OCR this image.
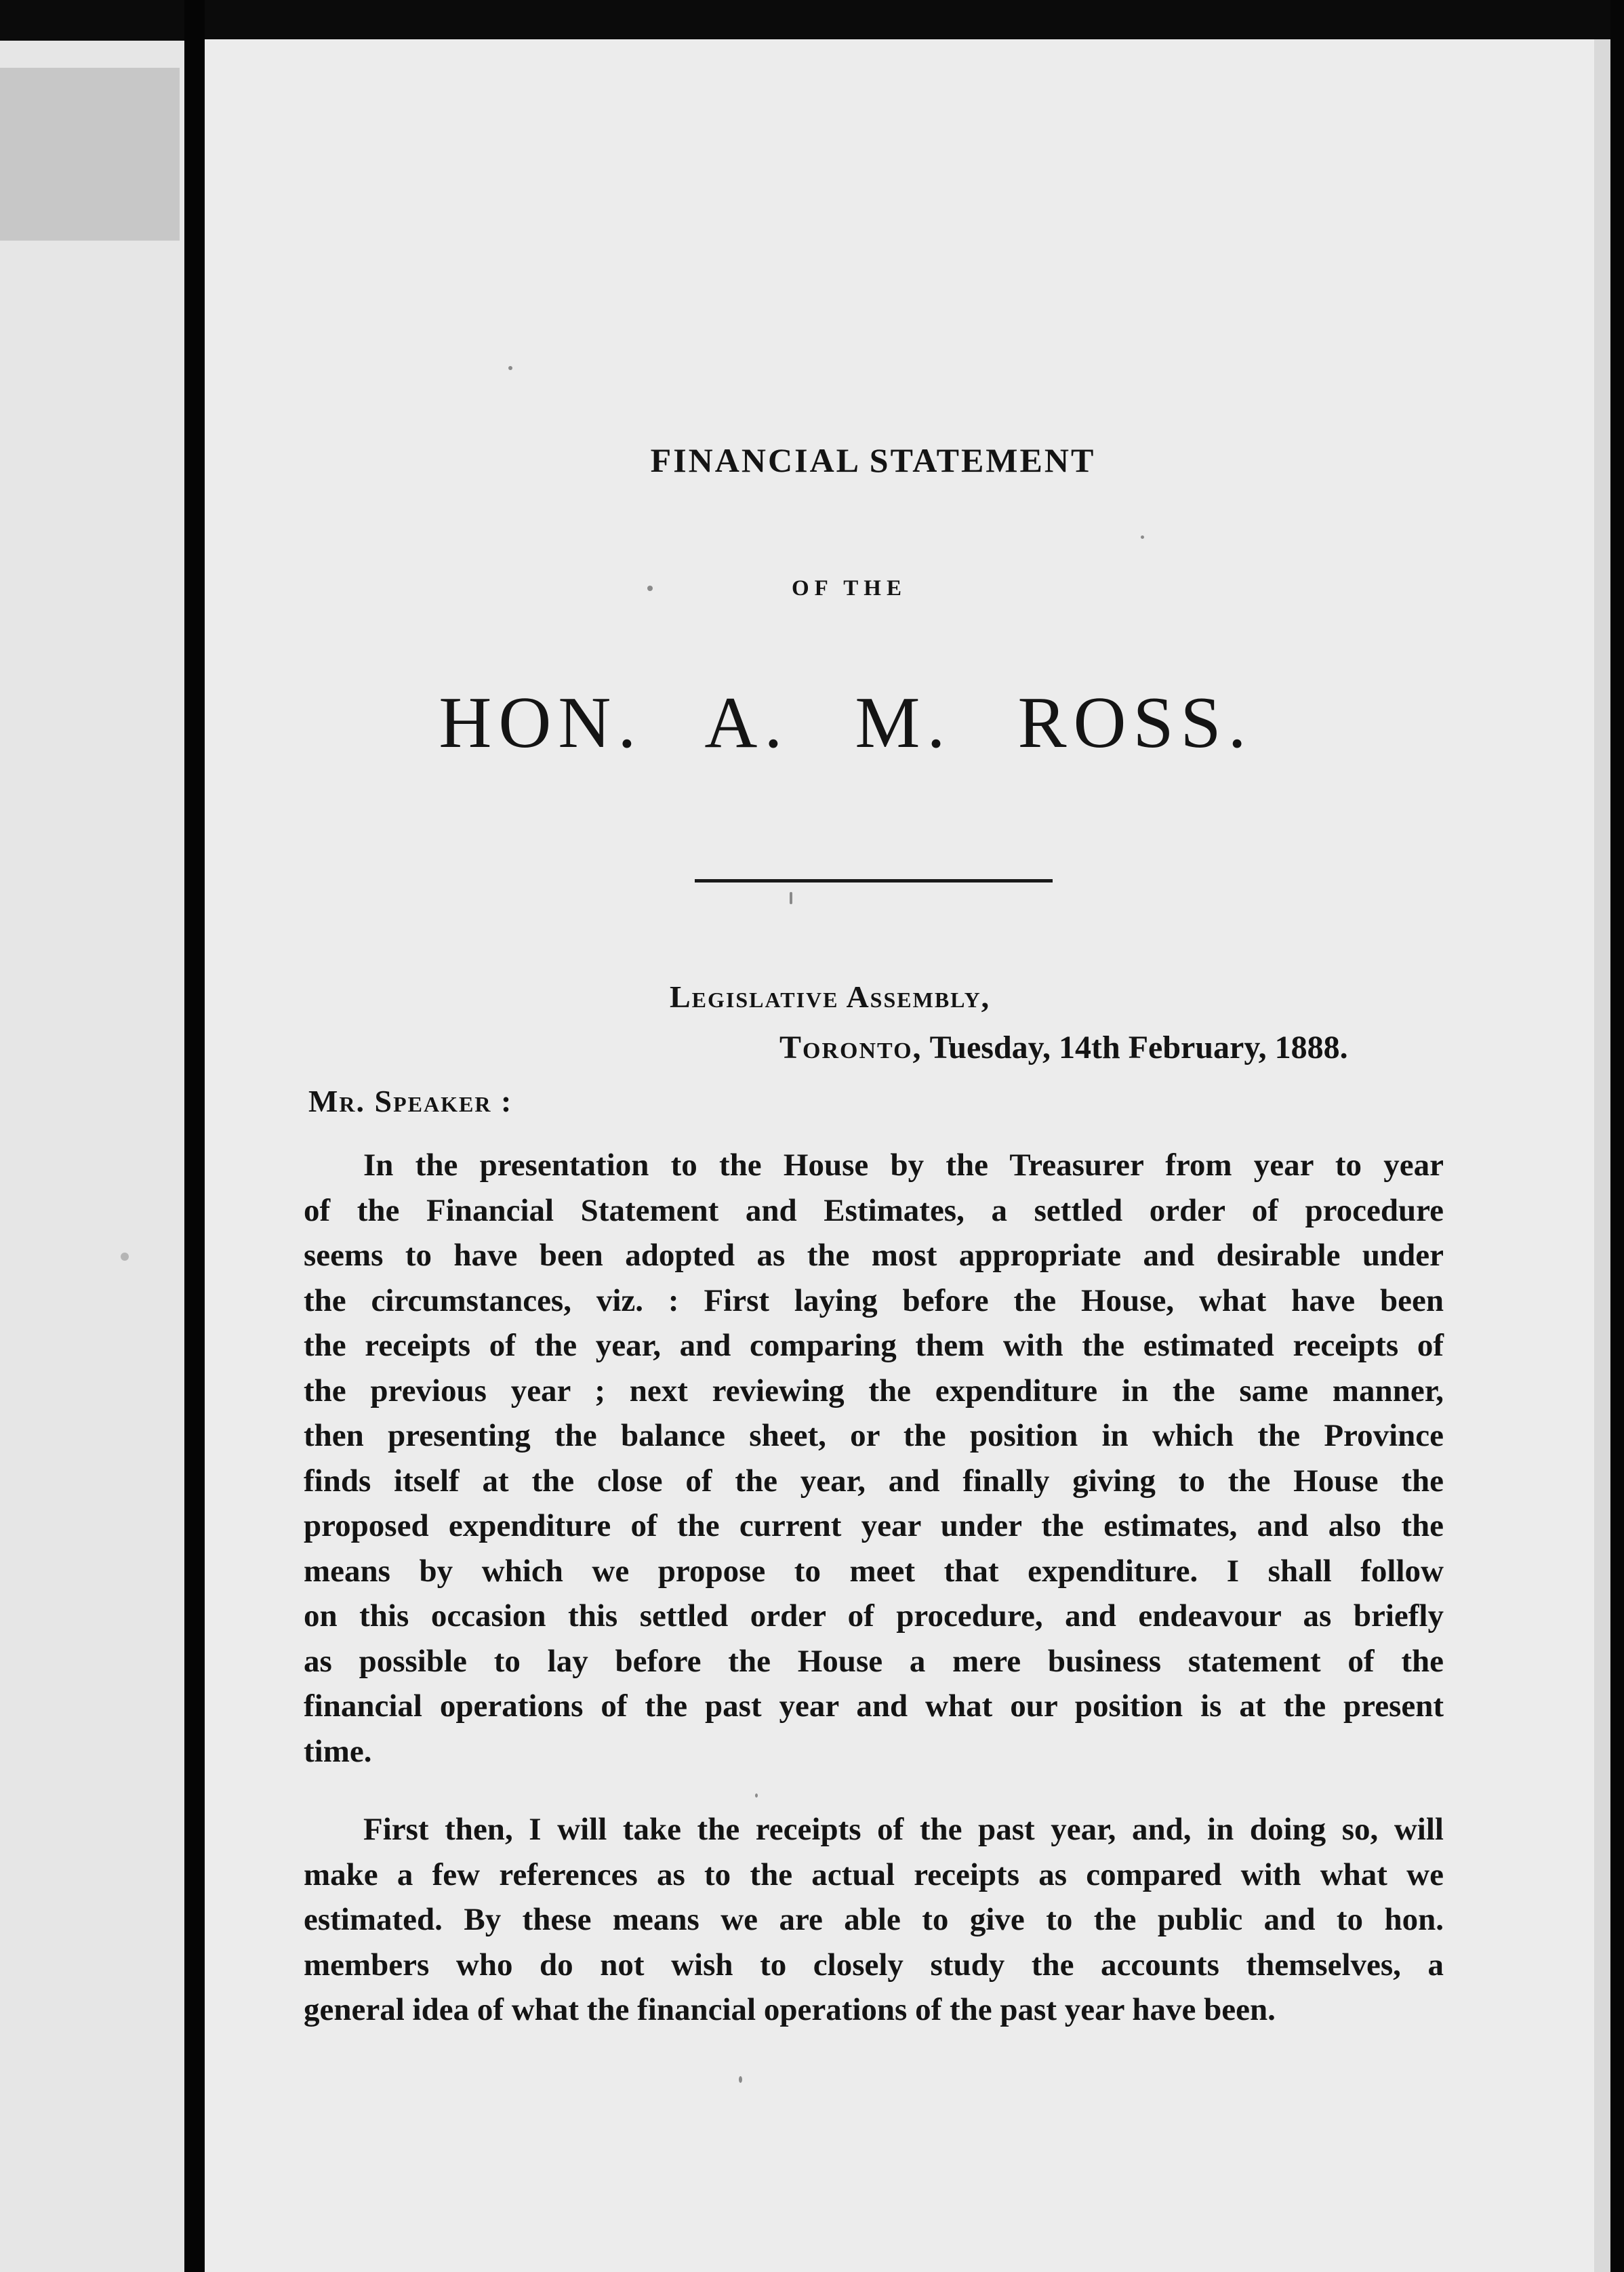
FINANCIAL STATEMENT
OF THE
HON. A. M. ROSS.
Legislative Assembly,
Toronto, Tuesday, 14th February, 1888.
Mr. Speaker :

In the presentation to the House by the Treasurer from year to year
of the Financial Statement and Estimates, a settled order of procedure
seems to have been adopted as the most appropriate and desirable under
the circumstances, viz. : First laying before the House, what have been
the receipts of the year, and comparing them with the estimated receipts of
the previous year ; next reviewing the expenditure in the same manner,
then presenting the balance sheet, or the position in which the Province
finds itself at the close of the year, and finally giving to the House the
proposed expenditure of the current year under the estimates, and also the
means by which we propose to meet that expenditure. I shall follow
on this occasion this settled order of procedure, and endeavour as briefly
as possible to lay before the House a mere business statement of the
financial operations of the past year and what our position is at the present
time.

First then, I will take the receipts of the past year, and, in doing so, will
make a few references as to the actual receipts as compared with what we
estimated. By these means we are able to give to the public and to hon.
members who do not wish to closely study the accounts themselves, a
general idea of what the financial operations of the past year have been.
